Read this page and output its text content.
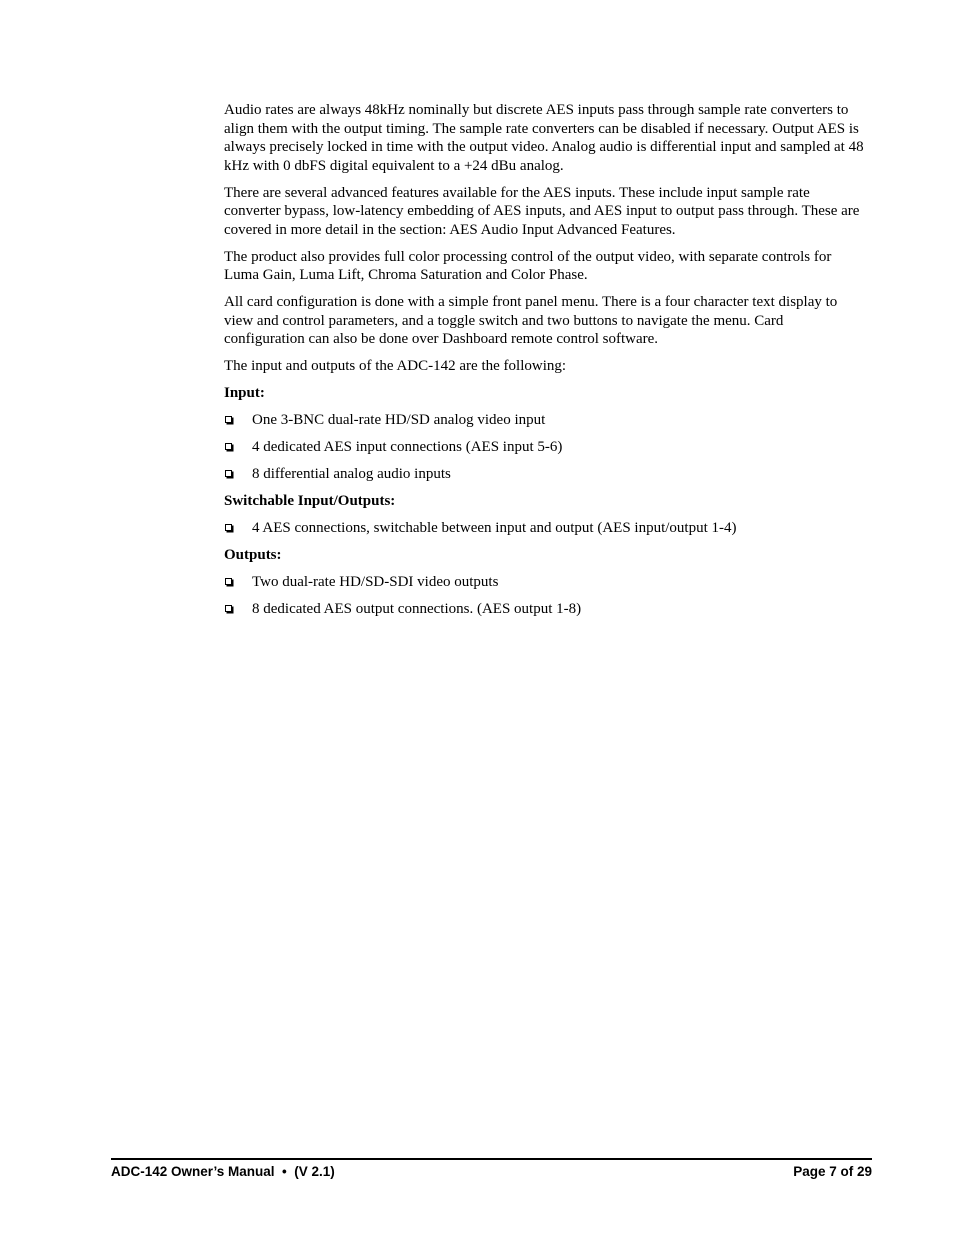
Audio rates are always 48kHz nominally but discrete AES inputs pass through sample rate converters to align them with the output timing. The sample rate converters can be disabled if necessary. Output AES is always precisely locked in time with the output video. Analog audio is differential input and sampled at 48 kHz with 0 dbFS digital equivalent to a +24 dBu analog.

There are several advanced features available for the AES inputs. These include input sample rate converter bypass, low-latency embedding of AES inputs, and AES input to output pass through. These are covered in more detail in the section: AES Audio Input Advanced Features.

The product also provides full color processing control of the output video, with separate controls for Luma Gain, Luma Lift, Chroma Saturation and Color Phase.

All card configuration is done with a simple front panel menu. There is a four character text display to view and control parameters, and a toggle switch and two buttons to navigate the menu. Card configuration can also be done over Dashboard remote control software.

The input and outputs of the ADC-142 are the following:

Input:
One 3-BNC dual-rate HD/SD analog video input
4 dedicated AES input connections (AES input 5-6)
8 differential analog audio inputs
Switchable Input/Outputs:
4 AES connections, switchable between input and output (AES input/output 1-4)
Outputs:
Two dual-rate HD/SD-SDI video outputs
8 dedicated AES output connections. (AES output 1-8)
ADC-142 Owner’s Manual  •  (V 2.1)	Page 7 of 29
